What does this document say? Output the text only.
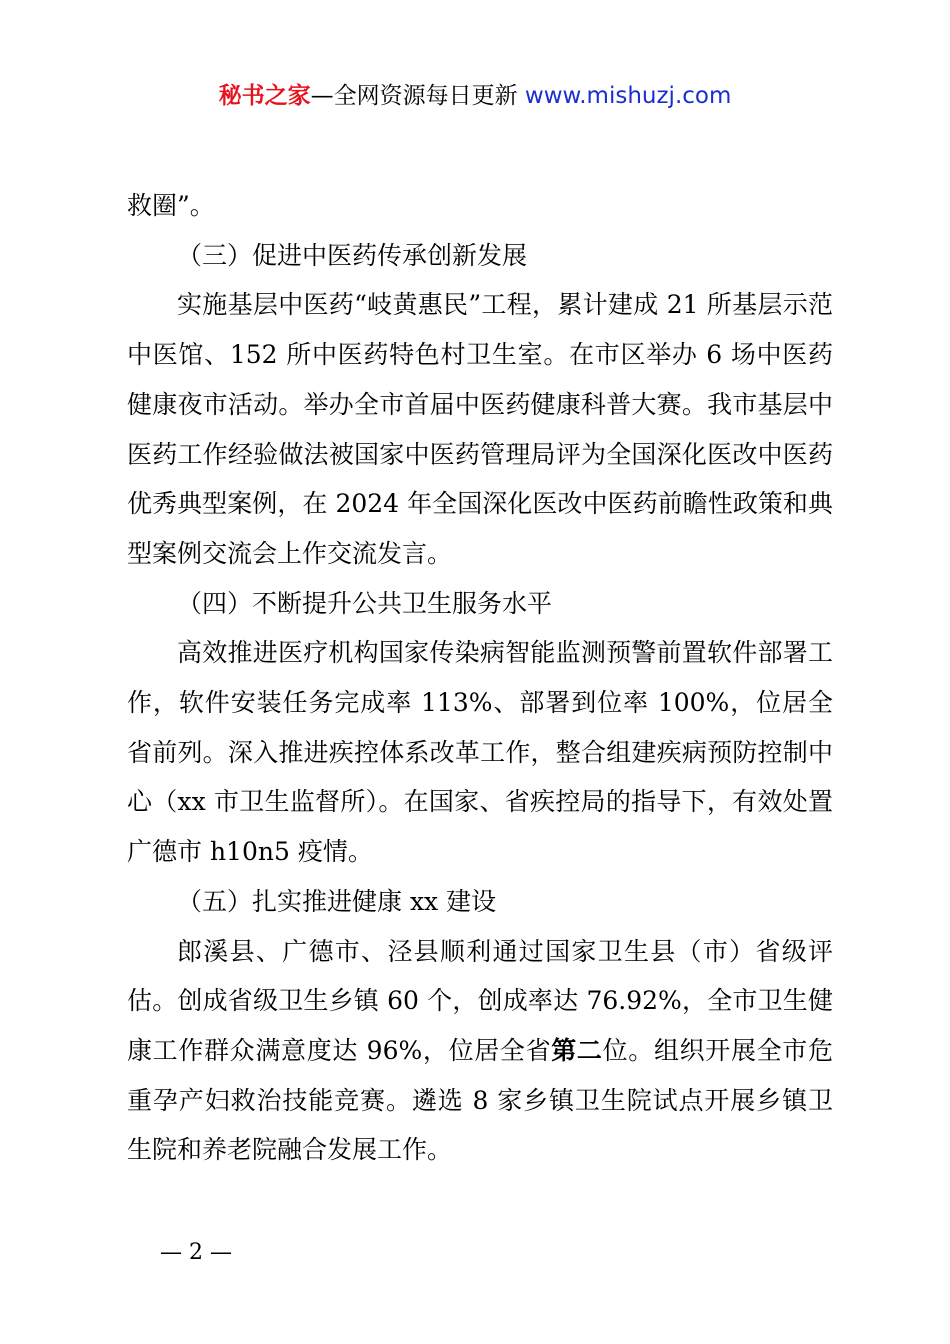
秘书之家—全网资源每日更新 www.mishuzj.com

救圈”。

（三）促进中医药传承创新发展

实施基层中医药“岐黄惠民”工程，累计建成 21 所基层示范中医馆、152 所中医药特色村卫生室。在市区举办 6 场中医药健康夜市活动。举办全市首届中医药健康科普大赛。我市基层中医药工作经验做法被国家中医药管理局评为全国深化医改中医药优秀典型案例，在 2024 年全国深化医改中医药前瞻性政策和典型案例交流会上作交流发言。

（四）不断提升公共卫生服务水平

高效推进医疗机构国家传染病智能监测预警前置软件部署工作，软件安装任务完成率 113%、部署到位率 100%，位居全省前列。深入推进疾控体系改革工作，整合组建疾病预防控制中心（xx 市卫生监督所）。在国家、省疾控局的指导下，有效处置广德市 h10n5 疫情。

（五）扎实推进健康 xx 建设

郎溪县、广德市、泾县顺利通过国家卫生县（市）省级评估。创成省级卫生乡镇 60 个，创成率达 76.92%，全市卫生健康工作群众满意度达 96%，位居全省第二位。组织开展全市危重孕产妇救治技能竞赛。遴选 8 家乡镇卫生院试点开展乡镇卫生院和养老院融合发展工作。

— 2 —
